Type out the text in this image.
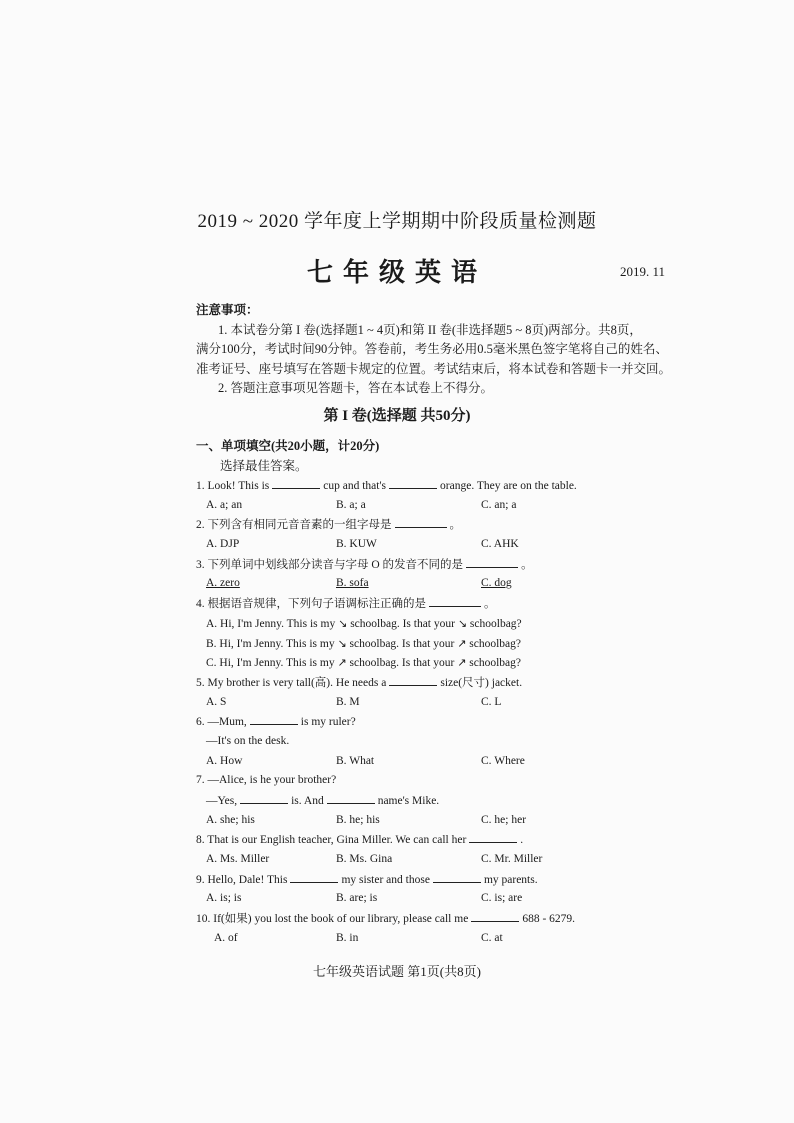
2019 ~ 2020 学年度上学期期中阶段质量检测题
七年级英语	2019. 11

注意事项：

1. 本试卷分第 I 卷(选择题1 ~ 4页)和第 II 卷(非选择题5 ~ 8页)两部分。共8页，

满分100分，考试时间90分钟。答卷前，考生务必用0.5毫米黑色签字笔将自己的姓名、

准考证号、座号填写在答题卡规定的位置。考试结束后，将本试卷和答题卡一并交回。

2. 答题注意事项见答题卡，答在本试卷上不得分。

第 I 卷(选择题 共50分)
一、单项填空(共20小题，计20分)
选择最佳答案。
1. Look! This is	cup and that's	orange. They are on the table.
A. a; an	B. a; a	C. an; a
2. 下列含有相同元音音素的一组字母是	。
A. DJP	B. KUW	C. AHK
3. 下列单词中划线部分读音与字母 O 的发音不同的是	。
A. zero	B. sofa	C. dog
4. 根据语音规律，下列句子语调标注正确的是	。
A. Hi, I'm Jenny. This is my ↘ schoolbag. Is that your ↘ schoolbag?
B. Hi, I'm Jenny. This is my ↘ schoolbag. Is that your ↗ schoolbag?
C. Hi, I'm Jenny. This is my ↗ schoolbag. Is that your ↗ schoolbag?
5. My brother is very tall(高). He needs a	size(尺寸) jacket.
A. S	B. M	C. L
6. —Mum,	is my ruler?
—It's on the desk.
A. How	B. What	C. Where
7. —Alice, is he your brother?
—Yes,	is. And	name's Mike.
A. she; his	B. he; his	C. he; her
8. That is our English teacher, Gina Miller. We can call her	.
A. Ms. Miller	B. Ms. Gina	C. Mr. Miller
9. Hello, Dale! This	my sister and those	my parents.
A. is; is	B. are; is	C. is; are
10. If(如果) you lost the book of our library, please call me	688 - 6279.
A. of	B. in	C. at
七年级英语试题 第1页(共8页)
